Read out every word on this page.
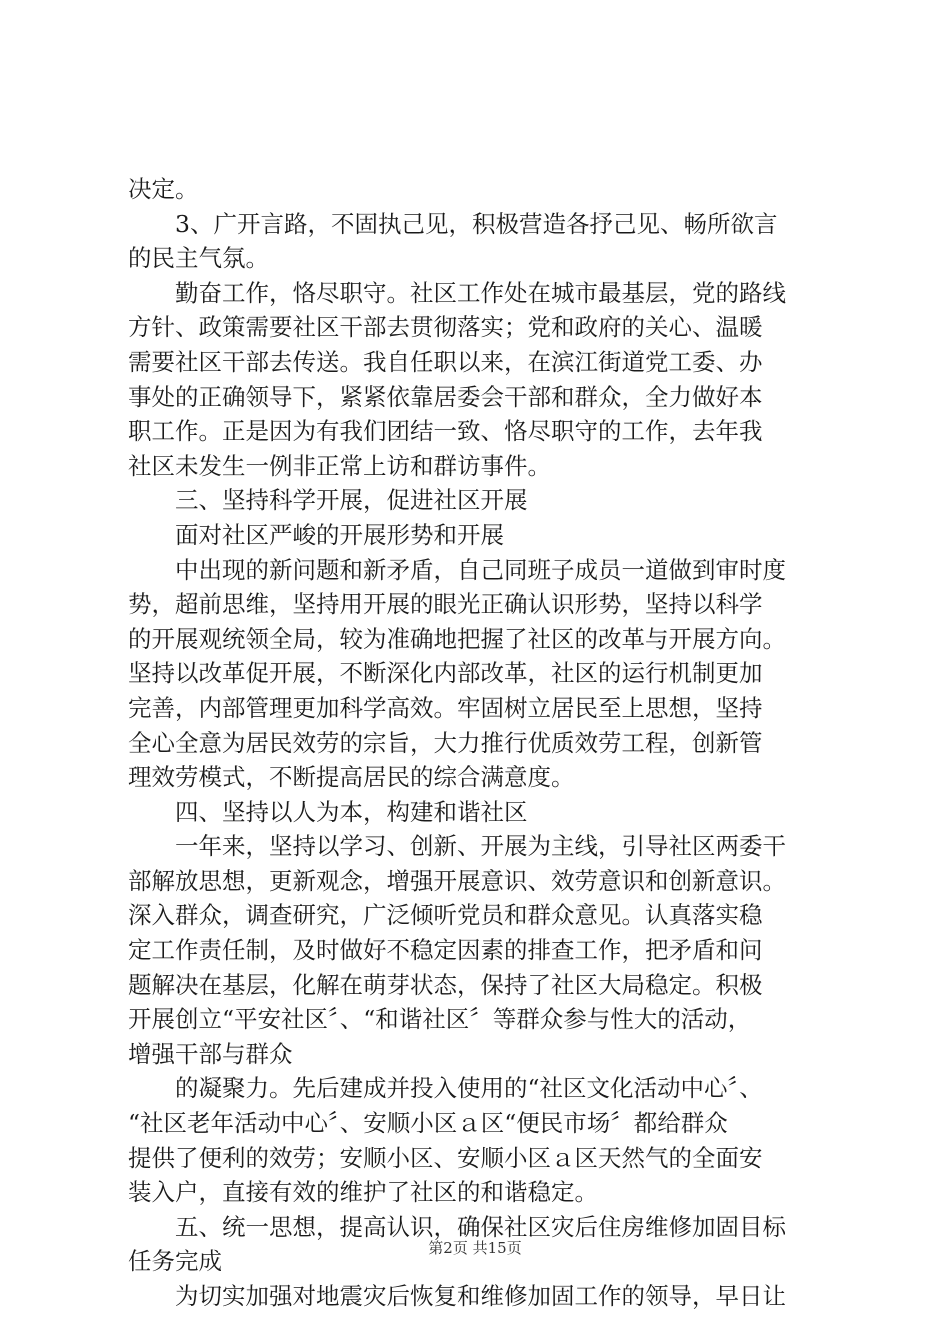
决定。
3、广开言路，不固执己见，积极营造各抒己见、畅所欲言
的民主气氛。
勤奋工作，恪尽职守。社区工作处在城市最基层，党的路线
方针、政策需要社区干部去贯彻落实；党和政府的关心、温暖
需要社区干部去传送。我自任职以来，在滨江街道党工委、办
事处的正确领导下，紧紧依靠居委会干部和群众，全力做好本
职工作。正是因为有我们团结一致、恪尽职守的工作，去年我
社区未发生一例非正常上访和群访事件。
三、坚持科学开展，促进社区开展
面对社区严峻的开展形势和开展
中出现的新问题和新矛盾，自己同班子成员一道做到审时度
势，超前思维，坚持用开展的眼光正确认识形势，坚持以科学
的开展观统领全局，较为准确地把握了社区的改革与开展方向。
坚持以改革促开展，不断深化内部改革，社区的运行机制更加
完善，内部管理更加科学高效。牢固树立居民至上思想，坚持
全心全意为居民效劳的宗旨，大力推行优质效劳工程，创新管
理效劳模式，不断提高居民的综合满意度。
四、坚持以人为本，构建和谐社区
一年来，坚持以学习、创新、开展为主线，引导社区两委干
部解放思想，更新观念，增强开展意识、效劳意识和创新意识。
深入群众，调查研究，广泛倾听党员和群众意见。认真落实稳
定工作责任制，及时做好不稳定因素的排查工作，把矛盾和问
题解决在基层，化解在萌芽状态，保持了社区大局稳定。积极
开展创立“平安社区〞、“和谐社区〞等群众参与性大的活动，
增强干部与群众
的凝聚力。先后建成并投入使用的“社区文化活动中心〞、
“社区老年活动中心〞、安顺小区ａ区“便民市场〞都给群众
提供了便利的效劳；安顺小区、安顺小区ａ区天然气的全面安
装入户，直接有效的维护了社区的和谐稳定。
五、统一思想，提高认识，确保社区灾后住房维修加固目标
任务完成
为切实加强对地震灾后恢复和维修加固工作的领导，早日让
第2页 共15页
